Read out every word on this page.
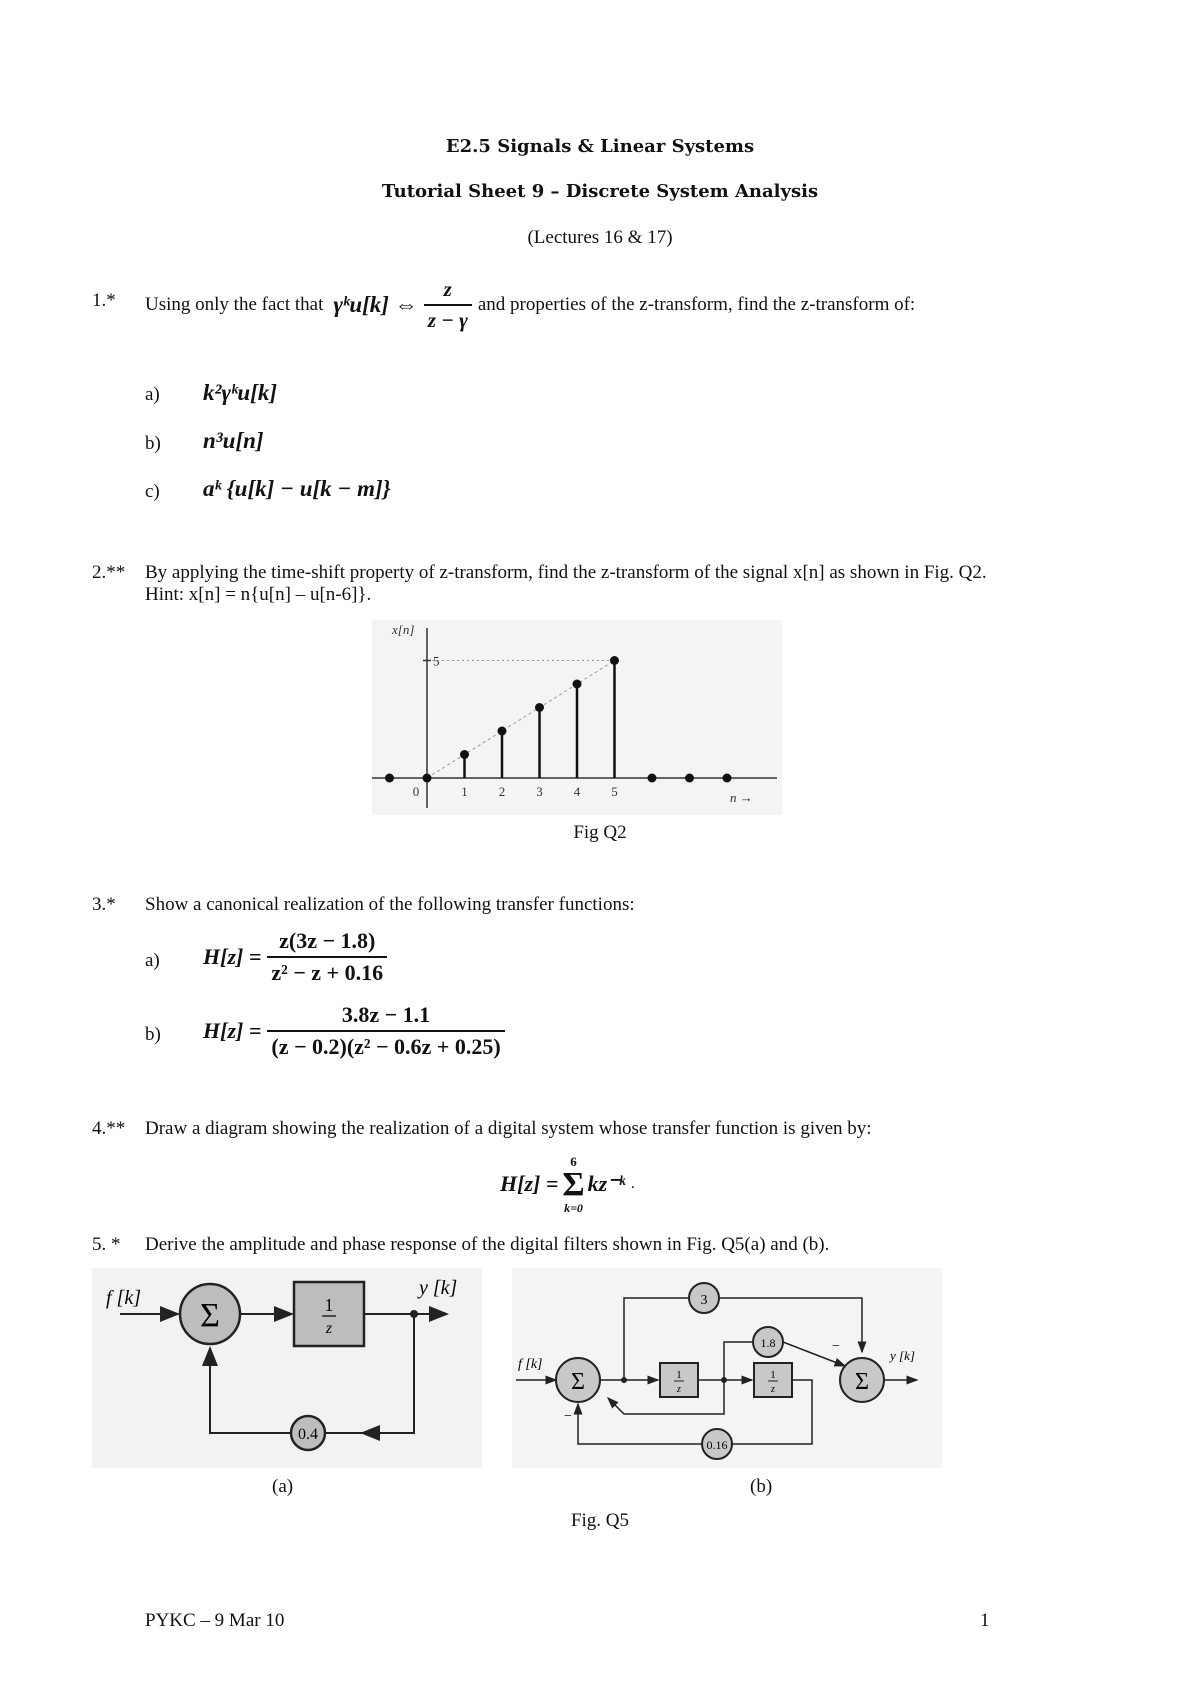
E2.5 Signals & Linear Systems
Tutorial Sheet 9 – Discrete System Analysis
(Lectures 16 & 17)
1.* Using only the fact that γᵏu[k] ⇔ $\frac{z}{z - \gamma}$ and properties of the z-transform, find the z-transform of:
a) k²γᵏu[k]
b) n³u[n]
c) aᵏ {u[k] − u[k − m]}
2.** By applying the time-shift property of z-transform, find the z-transform of the signal x[n] as shown in Fig. Q2.
Hint: x[n] = n{u[n] – u[n-6]}.
5
x[n]
0	1 2 3 4 5	n →
Fig Q2
3.* Show a canonical realization of the following transfer functions:
a) $H[z] = \frac{z(3z - 1.8)}{\text{z² − z + 0.16}}$
b) $H[z] = \frac{3.8z - 1.1}{\text{(z − 0.2)(z² − 0.6z + 0.25)}}$
4.** Draw a diagram showing the realization of a digital system whose transfer function is given by:
H[z] =
6
Σ
k=0
kz⁻ᵏ .
5. * Derive the amplitude and phase response of the digital filters shown in Fig. Q5(a) and (b).
f [k] Σ	1
z
y [k]
0.4
(a)
f [k]
Σ	1
z
1
z
0.16
−
3
1.8	−
Σ
y [k]
(b)
Fig. Q5
PYKC – 9 Mar 10	1
